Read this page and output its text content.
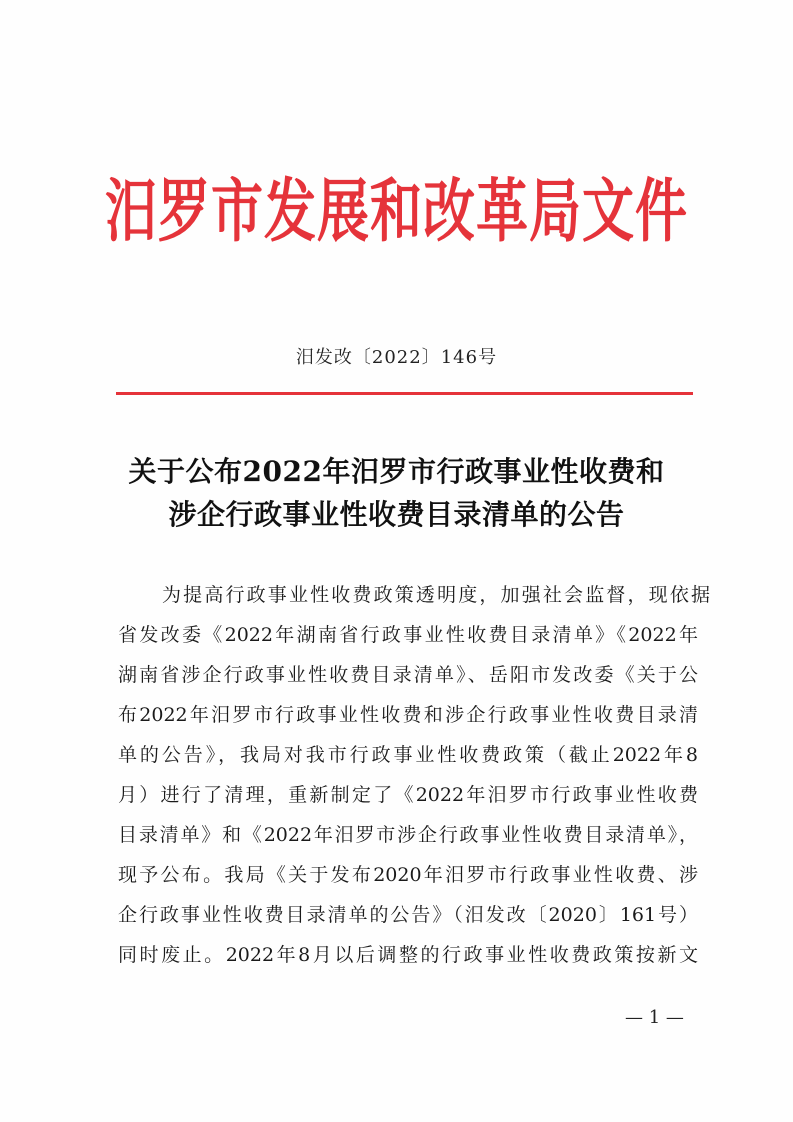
汨罗市发展和改革局文件
汨发改〔2022〕146号
关于公布2022年汨罗市行政事业性收费和
涉企行政事业性收费目录清单的公告
为提高行政事业性收费政策透明度，加强社会监督，现依据
省发改委《2022年湖南省行政事业性收费目录清单》《2022年
湖南省涉企行政事业性收费目录清单》、岳阳市发改委《关于公
布2022年汨罗市行政事业性收费和涉企行政事业性收费目录清
单的公告》，我局对我市行政事业性收费政策（截止2022年8
月）进行了清理，重新制定了《2022年汨罗市行政事业性收费
目录清单》和《2022年汨罗市涉企行政事业性收费目录清单》，
现予公布。我局《关于发布2020年汨罗市行政事业性收费、涉
企行政事业性收费目录清单的公告》（汨发改〔2020〕161号）
同时废止。2022年8月以后调整的行政事业性收费政策按新文
— 1 —
